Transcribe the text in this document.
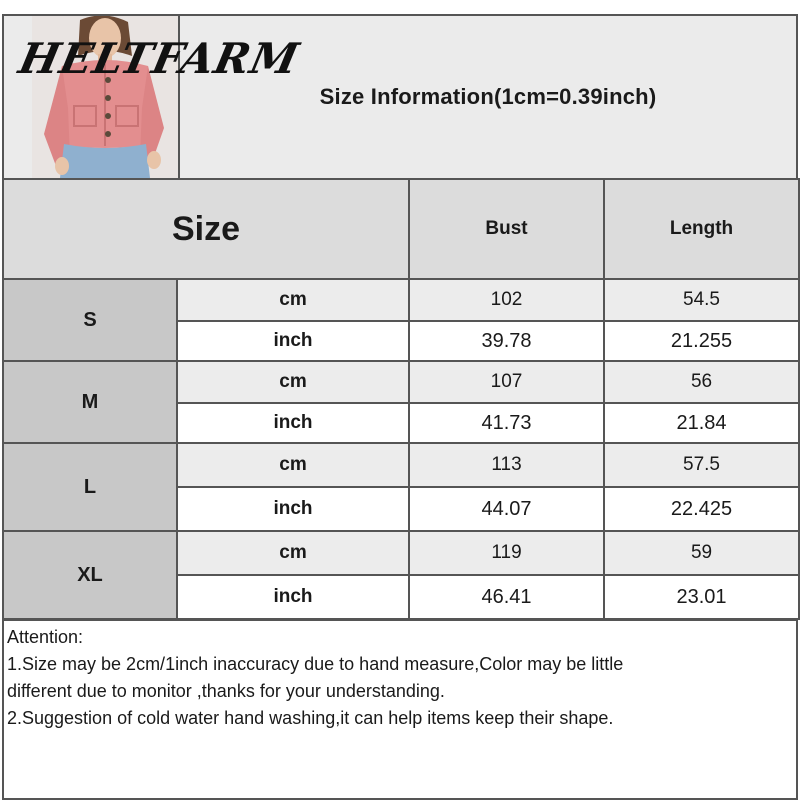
Size Information(1cm=0.39inch)
HELTFARM
Size		Bust	Length
S	cm	102	54.5
	inch	39.78	21.255
M	cm	107	56
	inch	41.73	21.84
L	cm	113	57.5
	inch	44.07	22.425
XL	cm	119	59
	inch	46.41	23.01
Attention:
1.Size may be 2cm/1inch inaccuracy due to hand measure,Color may be little
different due to monitor ,thanks for your understanding.
2.Suggestion of cold water hand washing,it can help items keep their shape.
